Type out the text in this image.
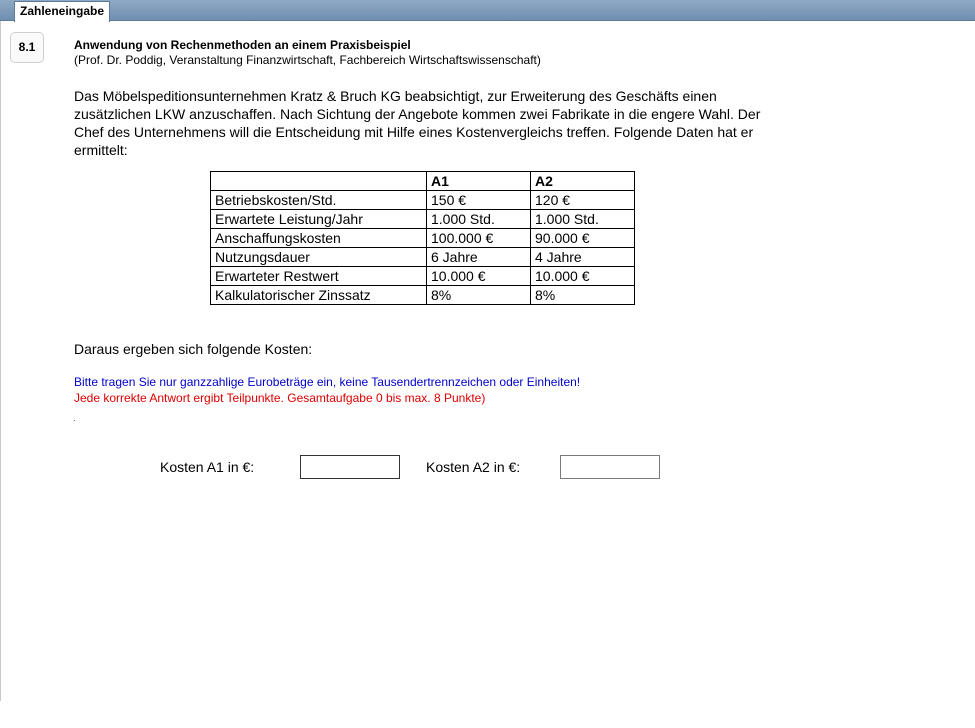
Zahleneingabe
8.1	Anwendung von Rechenmethoden an einem Praxisbeispiel
(Prof. Dr. Poddig, Veranstaltung Finanzwirtschaft, Fachbereich Wirtschaftswissenschaft)
Das Möbelspeditionsunternehmen Kratz & Bruch KG beabsichtigt, zur Erweiterung des Geschäfts einen zusätzlichen LKW anzuschaffen. Nach Sichtung der Angebote kommen zwei Fabrikate in die engere Wahl. Der Chef des Unternehmens will die Entscheidung mit Hilfe eines Kostenvergleichs treffen. Folgende Daten hat er ermittelt:
	A1	A2
Betriebskosten/Std.	150 €	120 €
Erwartete Leistung/Jahr	1.000 Std.	1.000 Std.
Anschaffungskosten	100.000 €	90.000 €
Nutzungsdauer	6 Jahre	4 Jahre
Erwarteter Restwert	10.000 €	10.000 €
Kalkulatorischer Zinssatz	8%	8%
Daraus ergeben sich folgende Kosten:
Bitte tragen Sie nur ganzzahlige Eurobeträge ein, keine Tausendertrennzeichen oder Einheiten!
Jede korrekte Antwort ergibt Teilpunkte. Gesamtaufgabe 0 bis max. 8 Punkte)
.
Kosten A1 in €:	Kosten A2 in €:
